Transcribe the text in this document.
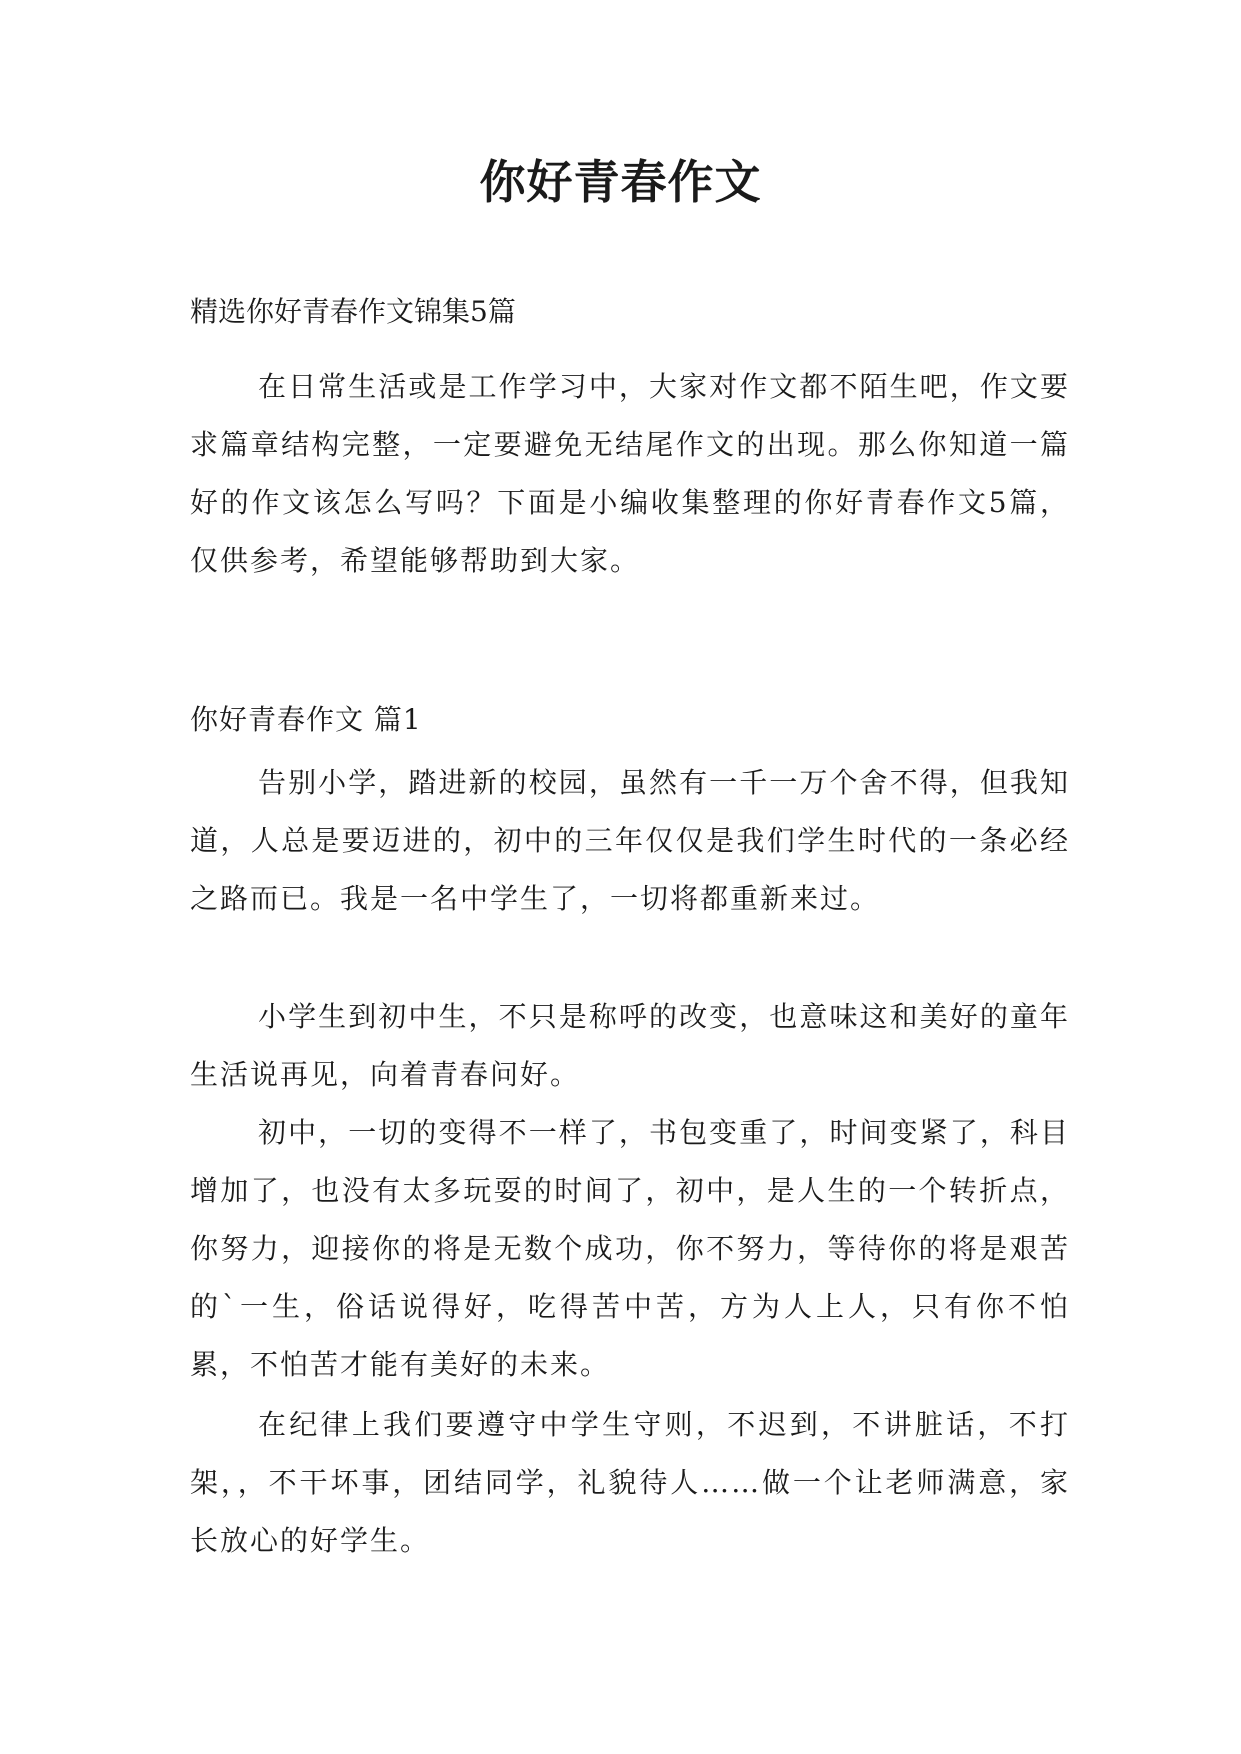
你好青春作文
精选你好青春作文锦集5篇

在日常生活或是工作学习中，大家对作文都不陌生吧，作文要求篇章结构完整，一定要避免无结尾作文的出现。那么你知道一篇好的作文该怎么写吗？下面是小编收集整理的你好青春作文5篇，仅供参考，希望能够帮助到大家。

你好青春作文 篇1

告别小学，踏进新的校园，虽然有一千一万个舍不得，但我知道，人总是要迈进的，初中的三年仅仅是我们学生时代的一条必经之路而已。我是一名中学生了，一切将都重新来过。

小学生到初中生，不只是称呼的改变，也意味这和美好的童年生活说再见，向着青春问好。

初中，一切的变得不一样了，书包变重了，时间变紧了，科目增加了，也没有太多玩耍的时间了，初中，是人生的一个转折点，你努力，迎接你的将是无数个成功，你不努力，等待你的将是艰苦的`一生，俗话说得好，吃得苦中苦，方为人上人，只有你不怕累，不怕苦才能有美好的未来。

在纪律上我们要遵守中学生守则，不迟到，不讲脏话，不打架，，不干坏事，团结同学，礼貌待人……做一个让老师满意，家长放心的好学生。
